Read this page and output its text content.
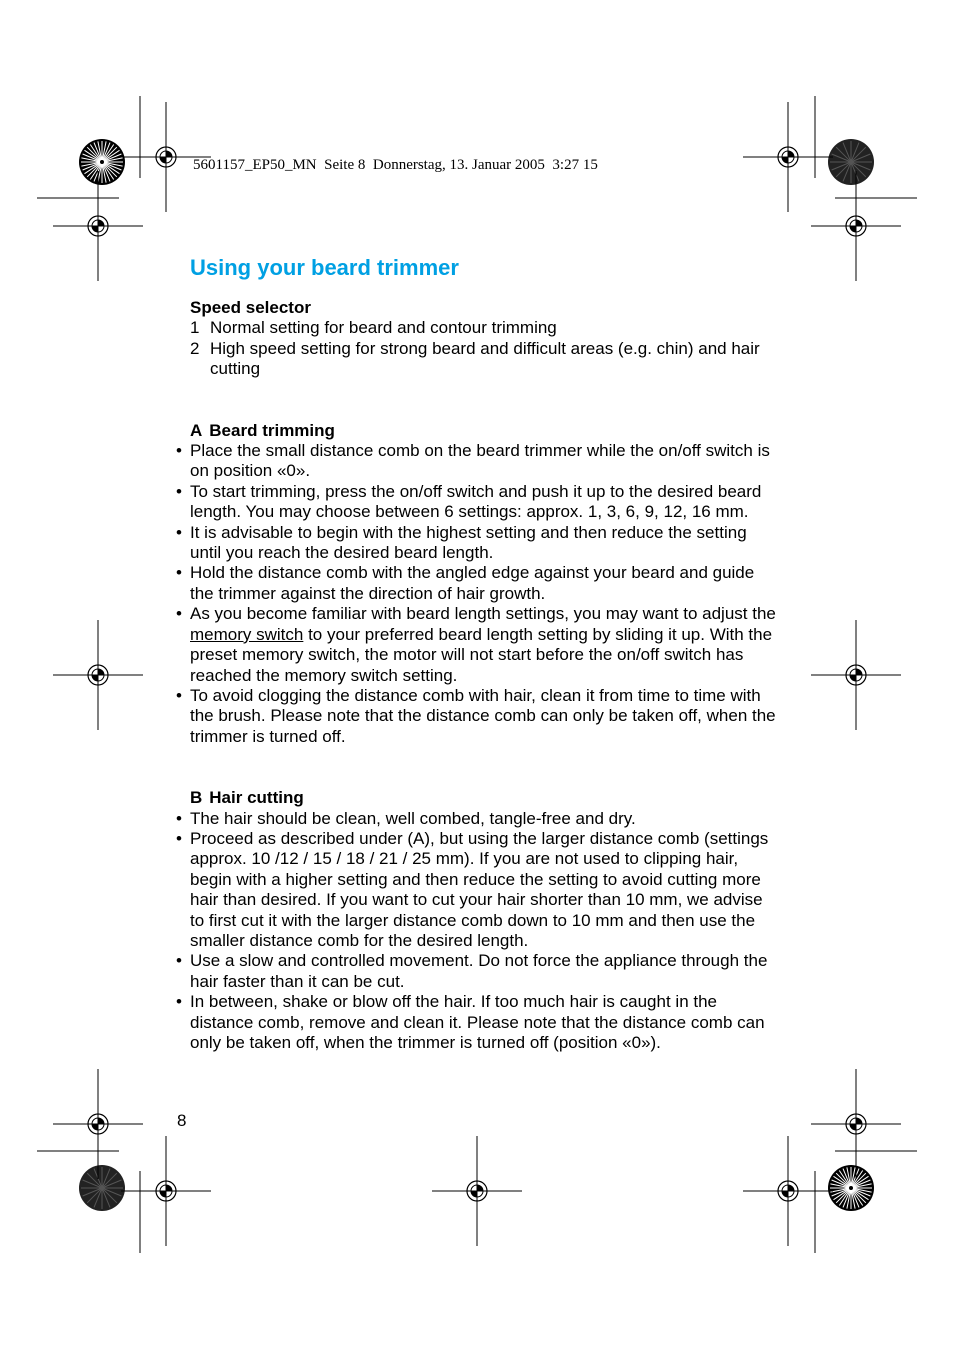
5601157_EP50_MN  Seite 8  Donnerstag, 13. Januar 2005  3:27 15
Using your beard trimmer
Speed selector
1 Normal setting for beard and contour trimming
2 High speed setting for strong beard and difficult areas (e.g. chin) and hair cutting
A Beard trimming
• Place the small distance comb on the beard trimmer while the on/off switch is on position «0».
• To start trimming, press the on/off switch and push it up to the desired beard length. You may choose between 6 settings: approx. 1, 3, 6, 9, 12, 16 mm.
• It is advisable to begin with the highest setting and then reduce the setting until you reach the desired beard length.
• Hold the distance comb with the angled edge against your beard and guide the trimmer against the direction of hair growth.
• As you become familiar with beard length settings, you may want to adjust the memory switch to your preferred beard length setting by sliding it up. With the preset memory switch, the motor will not start before the on/off switch has reached the memory switch setting.
• To avoid clogging the distance comb with hair, clean it from time to time with the brush. Please note that the distance comb can only be taken off, when the trimmer is turned off.
B Hair cutting
• The hair should be clean, well combed, tangle-free and dry.
• Proceed as described under (A), but using the larger distance comb (settings approx. 10 /12 / 15 / 18 / 21 / 25 mm). If you are not used to clipping hair, begin with a higher setting and then reduce the setting to avoid cutting more hair than desired. If you want to cut your hair shorter than 10 mm, we advise to first cut it with the larger distance comb down to 10 mm and then use the smaller distance comb for the desired length.
• Use a slow and controlled movement. Do not force the appliance through the hair faster than it can be cut.
• In between, shake or blow off the hair. If too much hair is caught in the distance comb, remove and clean it. Please note that the distance comb can only be taken off, when the trimmer is turned off (position «0»).
8
